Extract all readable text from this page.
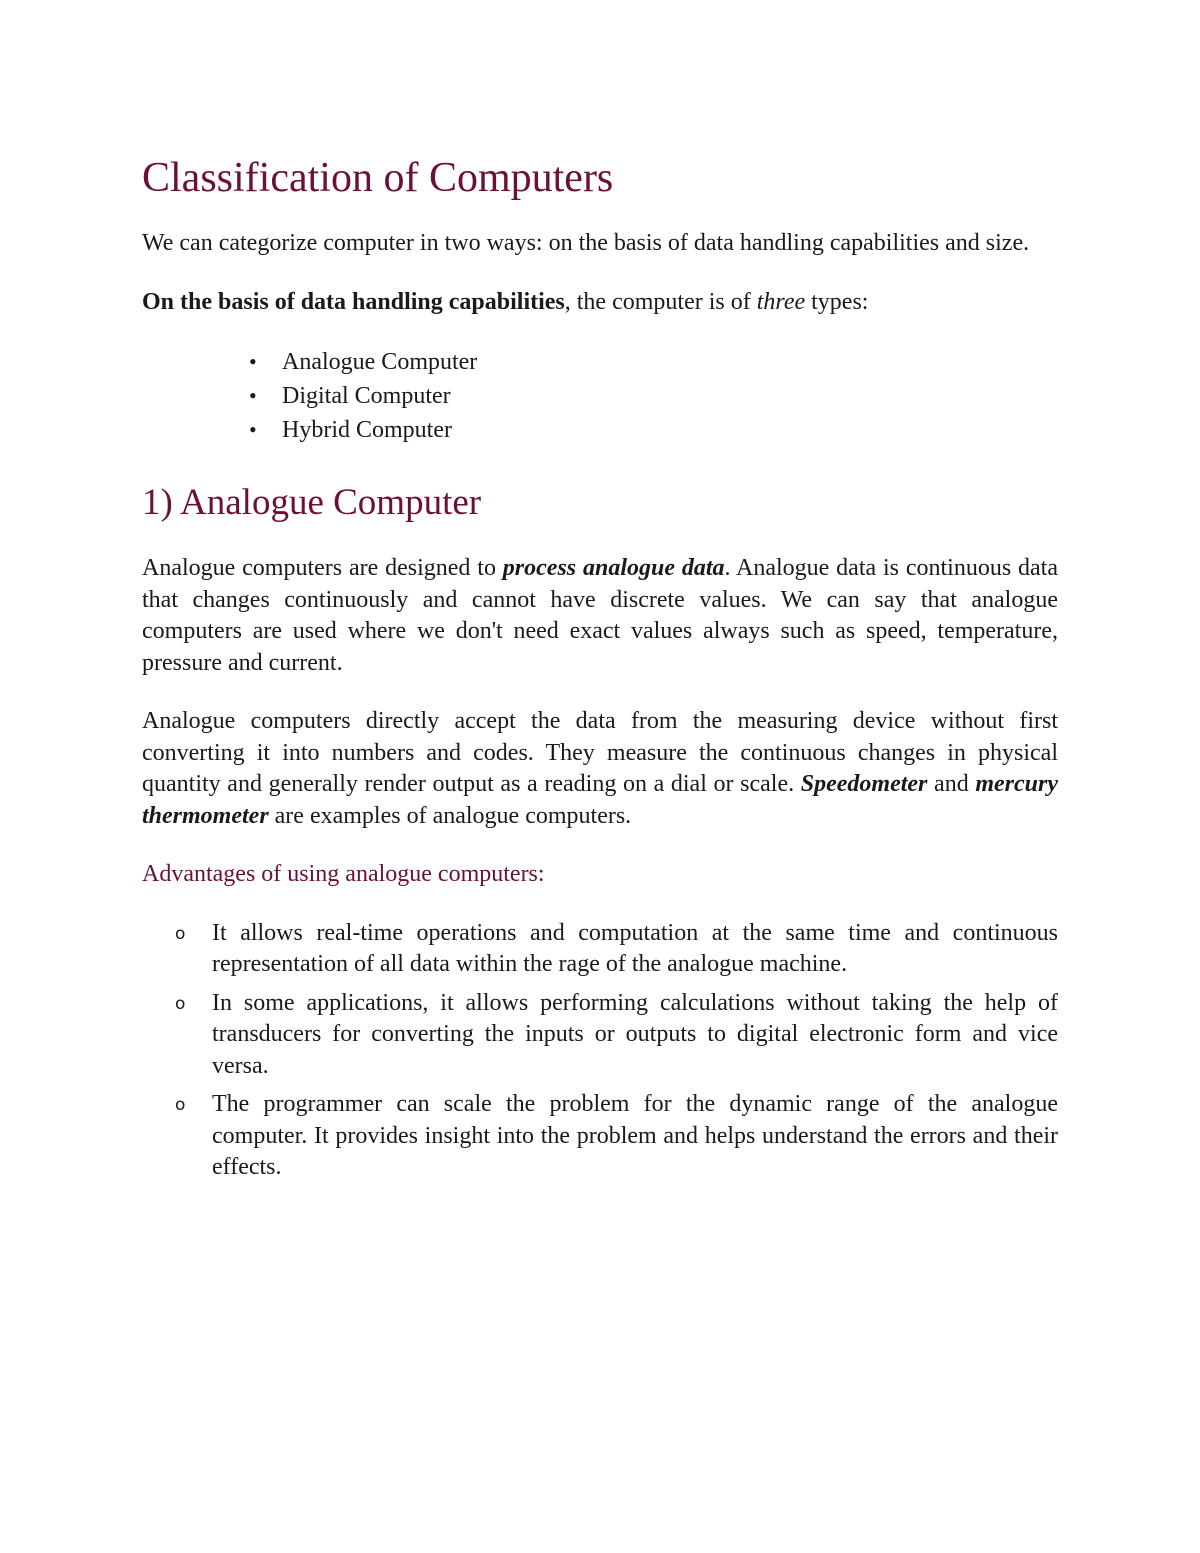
Classification of Computers

We can categorize computer in two ways: on the basis of data handling capabilities and size.

On the basis of data handling capabilities, the computer is of three types:

• Analogue Computer
• Digital Computer
• Hybrid Computer
1) Analogue Computer

Analogue computers are designed to process analogue data. Analogue data is continuous data that changes continuously and cannot have discrete values. We can say that analogue computers are used where we don't need exact values always such as speed, temperature, pressure and current.

Analogue computers directly accept the data from the measuring device without first converting it into numbers and codes. They measure the continuous changes in physical quantity and generally render output as a reading on a dial or scale. Speedometer and mercury thermometer are examples of analogue computers.

Advantages of using analogue computers:

o It allows real-time operations and computation at the same time and continuous representation of all data within the rage of the analogue machine.
o In some applications, it allows performing calculations without taking the help of transducers for converting the inputs or outputs to digital electronic form and vice versa.
o The programmer can scale the problem for the dynamic range of the analogue computer. It provides insight into the problem and helps understand the errors and their effects.
